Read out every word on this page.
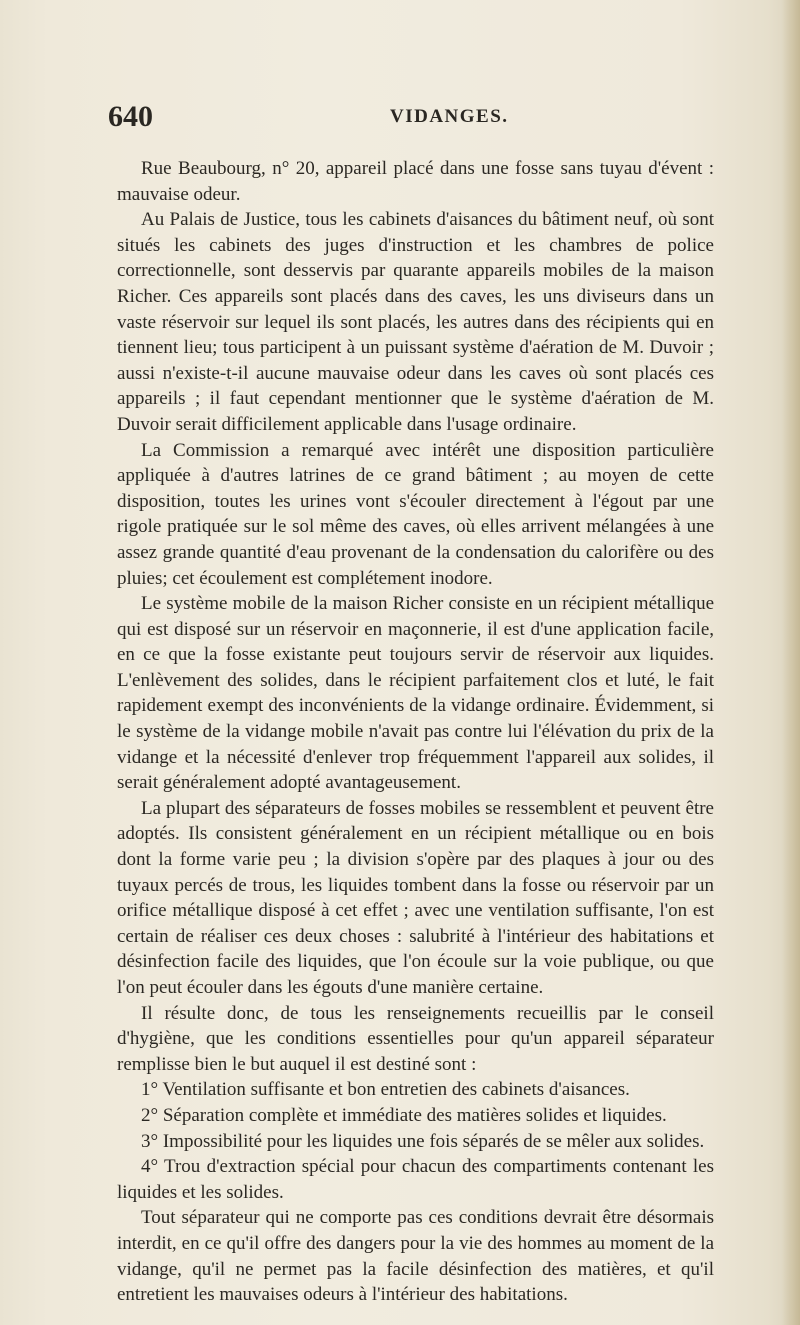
640	VIDANGES.

Rue Beaubourg, n° 20, appareil placé dans une fosse sans tuyau d'évent : mauvaise odeur.

Au Palais de Justice, tous les cabinets d'aisances du bâtiment neuf, où sont situés les cabinets des juges d'instruction et les chambres de police correctionnelle, sont desservis par quarante appareils mobiles de la maison Richer. Ces appareils sont placés dans des caves, les uns diviseurs dans un vaste réservoir sur lequel ils sont placés, les autres dans des récipients qui en tiennent lieu; tous participent à un puissant système d'aération de M. Duvoir ; aussi n'existe-t-il aucune mauvaise odeur dans les caves où sont placés ces appareils ; il faut cependant mentionner que le système d'aération de M. Duvoir serait difficilement applicable dans l'usage ordinaire.

La Commission a remarqué avec intérêt une disposition particulière appliquée à d'autres latrines de ce grand bâtiment ; au moyen de cette disposition, toutes les urines vont s'écouler directement à l'égout par une rigole pratiquée sur le sol même des caves, où elles arrivent mélangées à une assez grande quantité d'eau provenant de la condensation du calorifère ou des pluies; cet écoulement est complétement inodore.

Le système mobile de la maison Richer consiste en un récipient métallique qui est disposé sur un réservoir en maçonnerie, il est d'une application facile, en ce que la fosse existante peut toujours servir de réservoir aux liquides. L'enlèvement des solides, dans le récipient parfaitement clos et luté, le fait rapidement exempt des inconvénients de la vidange ordinaire. Évidemment, si le système de la vidange mobile n'avait pas contre lui l'élévation du prix de la vidange et la nécessité d'enlever trop fréquemment l'appareil aux solides, il serait généralement adopté avantageusement.

La plupart des séparateurs de fosses mobiles se ressemblent et peuvent être adoptés. Ils consistent généralement en un récipient métallique ou en bois dont la forme varie peu ; la division s'opère par des plaques à jour ou des tuyaux percés de trous, les liquides tombent dans la fosse ou réservoir par un orifice métallique disposé à cet effet ; avec une ventilation suffisante, l'on est certain de réaliser ces deux choses : salubrité à l'intérieur des habitations et désinfection facile des liquides, que l'on écoule sur la voie publique, ou que l'on peut écouler dans les égouts d'une manière certaine.

Il résulte donc, de tous les renseignements recueillis par le conseil d'hygiène, que les conditions essentielles pour qu'un appareil séparateur remplisse bien le but auquel il est destiné sont :

1° Ventilation suffisante et bon entretien des cabinets d'aisances.

2° Séparation complète et immédiate des matières solides et liquides.

3° Impossibilité pour les liquides une fois séparés de se mêler aux solides.

4° Trou d'extraction spécial pour chacun des compartiments contenant les liquides et les solides.

Tout séparateur qui ne comporte pas ces conditions devrait être désormais interdit, en ce qu'il offre des dangers pour la vie des hommes au moment de la vidange, qu'il ne permet pas la facile désinfection des matières, et qu'il entretient les mauvaises odeurs à l'intérieur des habitations.
